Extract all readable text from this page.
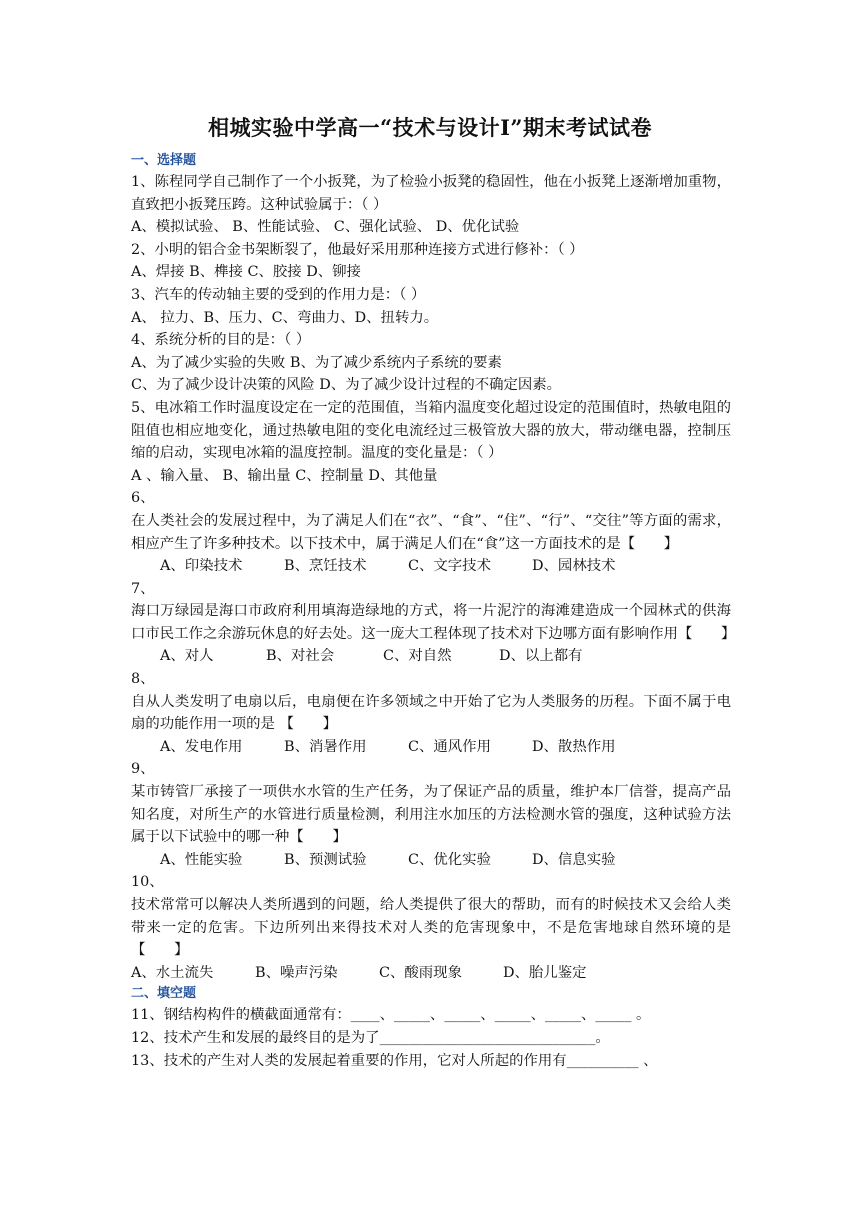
相城实验中学高一“技术与设计Ⅰ”期末考试试卷
一、选择题
1、陈程同学自己制作了一个小扳凳，为了检验小扳凳的稳固性，他在小扳凳上逐渐增加重物，直致把小扳凳压跨。这种试验属于：（ ）
A、模拟试验、 B、性能试验、 C、强化试验、 D、优化试验
2、小明的铝合金书架断裂了，他最好采用那种连接方式进行修补：（ ）
A、焊接 B、榫接 C、胶接 D、铆接
3、汽车的传动轴主要的受到的作用力是：（ ）
A、 拉力、B、压力、C、弯曲力、D、扭转力。
4、系统分析的目的是：（ ）
A、为了减少实验的失败 B、为了减少系统内子系统的要素
C、为了减少设计决策的风险 D、为了减少设计过程的不确定因素。
5、电冰箱工作时温度设定在一定的范围值，当箱内温度变化超过设定的范围值时，热敏电阻的阻值也相应地变化，通过热敏电阻的变化电流经过三极管放大器的放大，带动继电器，控制压缩的启动，实现电冰箱的温度控制。温度的变化量是：（ ）
A 、输入量、 B、输出量 C、控制量 D、其他量
6、
在人类社会的发展过程中，为了满足人们在“衣”、“食”、“住”、“行”、“交往”等方面的需求，相应产生了许多种技术。以下技术中，属于满足人们在“食”这一方面技术的是【　　】
A、印染技术	B、烹饪技术	C、文字技术	D、园林技术
7、
海口万绿园是海口市政府利用填海造绿地的方式，将一片泥泞的海滩建造成一个园林式的供海口市民工作之余游玩休息的好去处。这一庞大工程体现了技术对下边哪方面有影响作用【　　】
A、对人	B、对社会	C、对自然	D、以上都有
8、
自从人类发明了电扇以后，电扇便在许多领域之中开始了它为人类服务的历程。下面不属于电扇的功能作用一项的是 【　　】
A、发电作用	B、消暑作用	C、通风作用	D、散热作用
9、
某市铸管厂承接了一项供水水管的生产任务，为了保证产品的质量，维护本厂信誉，提高产品知名度，对所生产的水管进行质量检测，利用注水加压的方法检测水管的强度，这种试验方法属于以下试验中的哪一种【　　】
A、性能实验	B、预测试验	C、优化实验	D、信息实验
10、
技术常常可以解决人类所遇到的问题，给人类提供了很大的帮助，而有的时候技术又会给人类带来一定的危害。下边所列出来得技术对人类的危害现象中，不是危害地球自然环境的是【　　】
A、水土流失	B、噪声污染	C、酸雨现象	D、胎儿鉴定
二、填空题
11、钢结构构件的横截面通常有：____、_____、_____、_____、_____、_____ 。
12、技术产生和发展的最终目的是为了______________________________。
13、技术的产生对人类的发展起着重要的作用，它对人所起的作用有__________ 、
